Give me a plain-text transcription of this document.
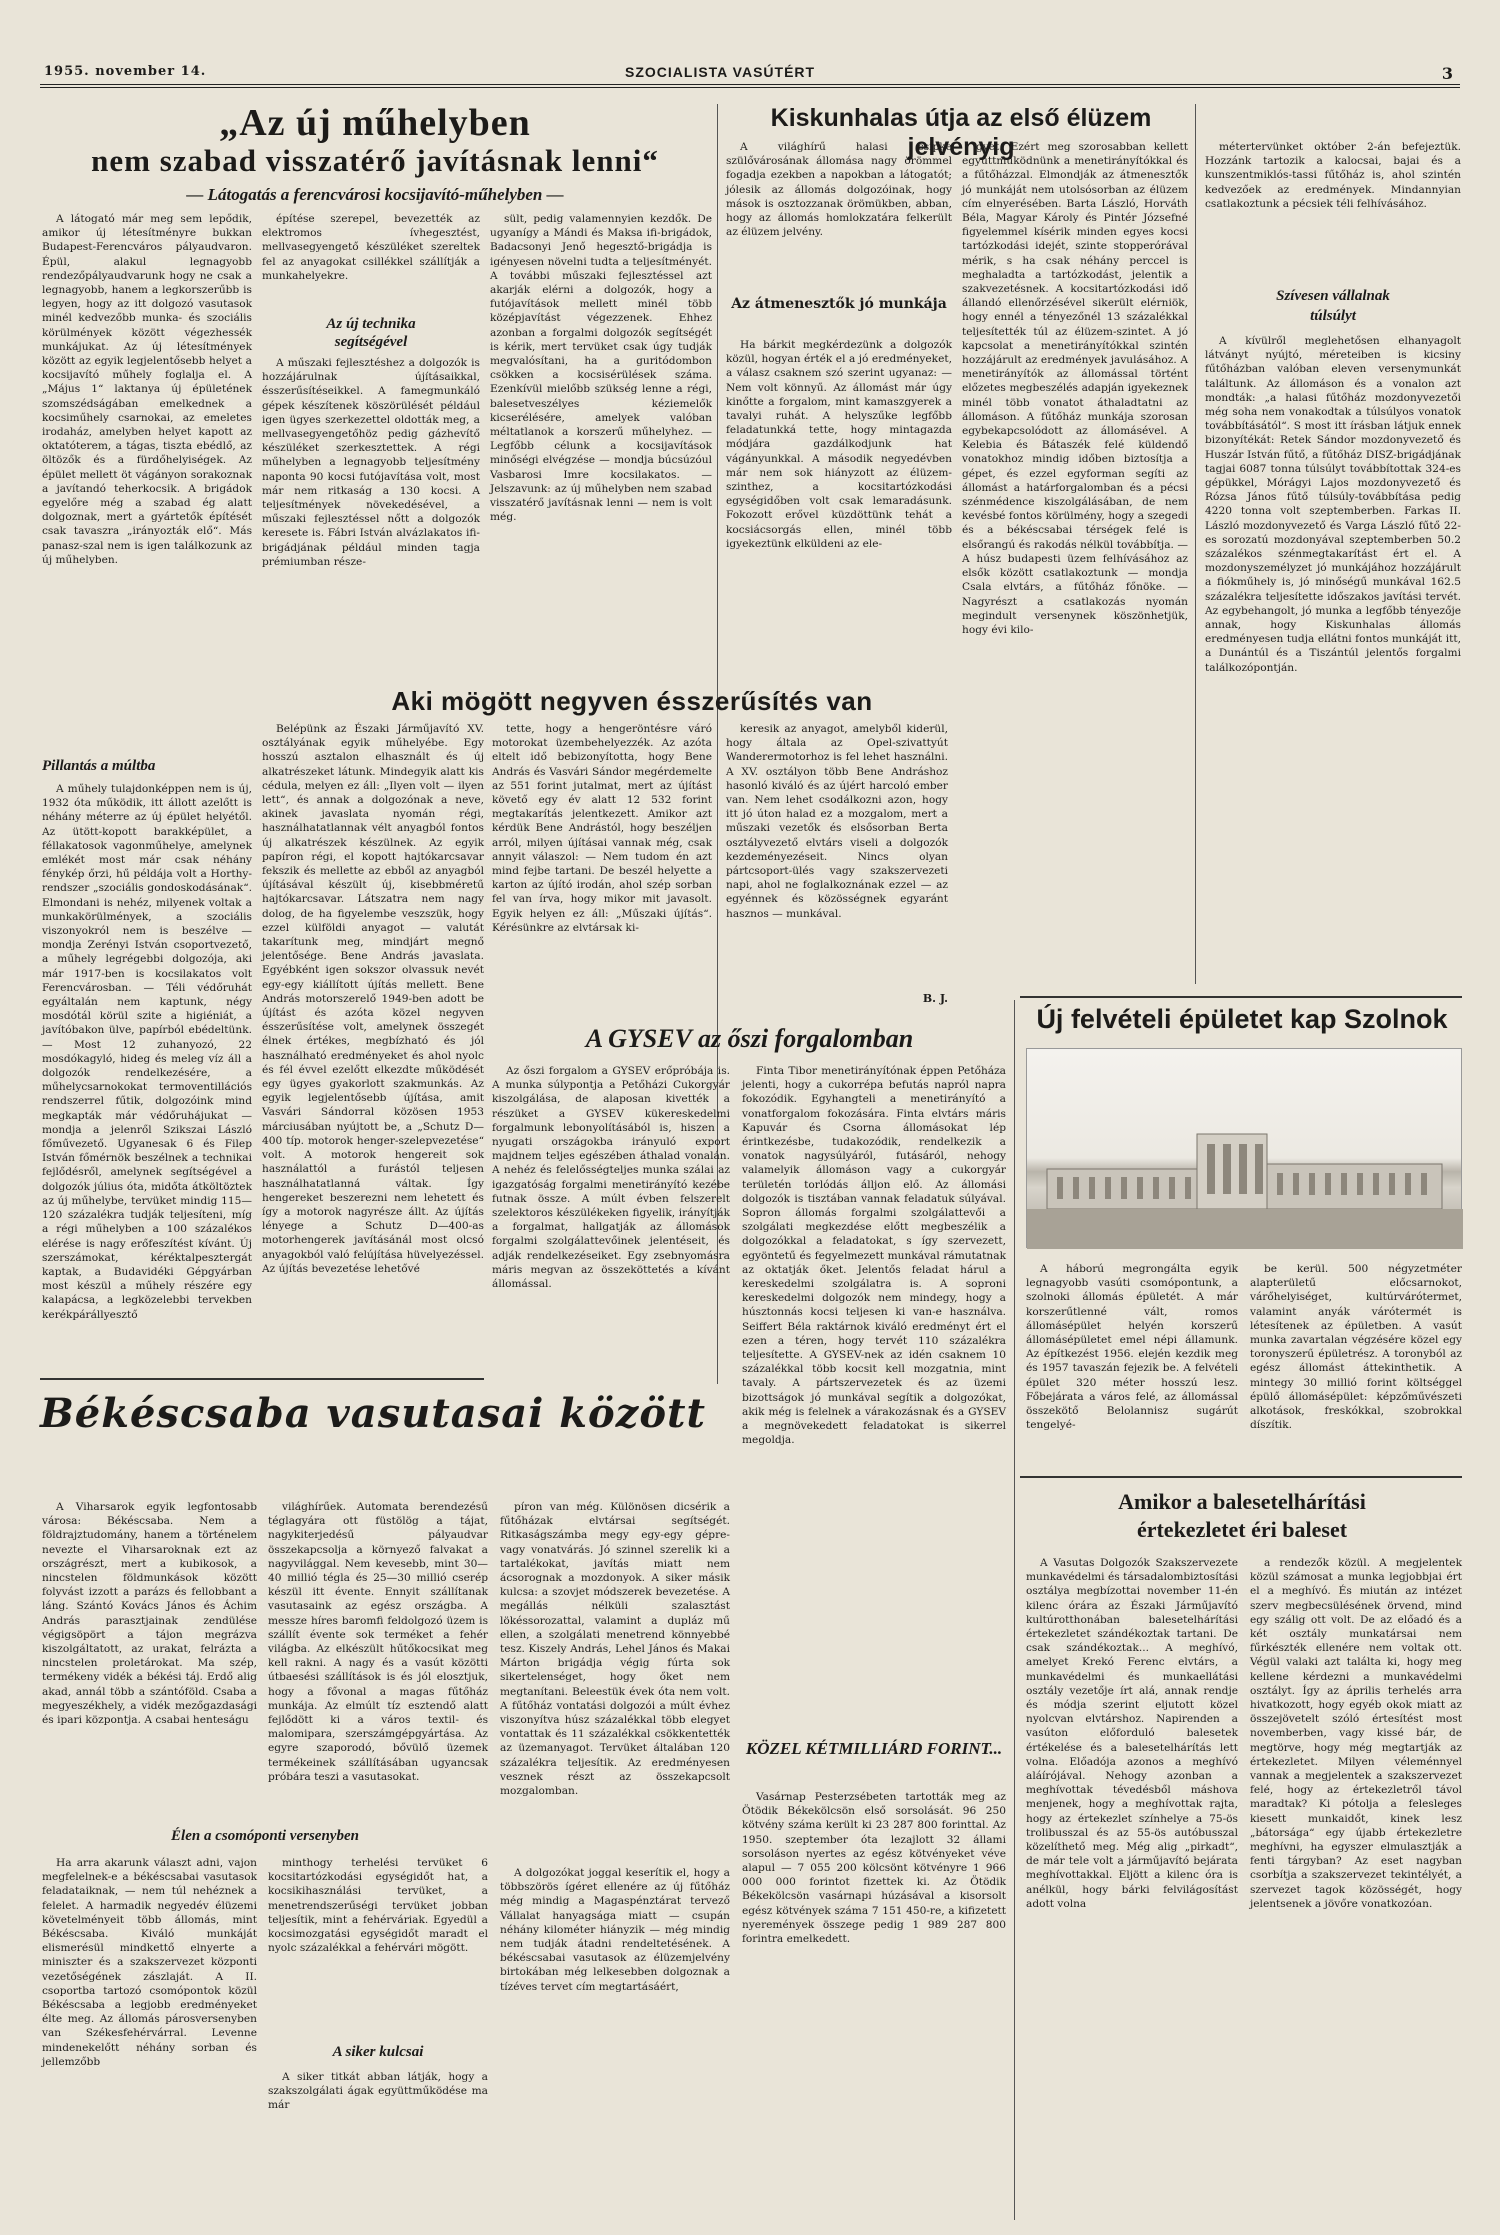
1955. november 14.	SZOCIALISTA VASÚTÉRT	3
„Az új műhelyben
nem szabad visszatérő javításnak lenni“
— Látogatás a ferencvárosi kocsijavító-műhelyben —

A látogató már meg sem lepődik, amikor új létesítményre bukkan Budapest-Ferencváros pályaudvaron. Épül, alakul legnagyobb rendezőpályaudvarunk hogy ne csak a legnagyobb, hanem a legkorszerűbb is legyen, hogy az itt dolgozó vasutasok minél kedvezőbb munka- és szociális körülmények között végezhessék munkájukat. Az új létesítmények között az egyik legjelentősebb helyet a kocsijavító műhely foglalja el. A „Május 1“ laktanya új épületének szomszédságában emelkednek a kocsiműhely csarnokai, az emeletes irodaház, amelyben helyet kapott az oktatóterem, a tágas, tiszta ebédlő, az öltözők és a fürdőhelyiségek. Az épület mellett öt vágányon sorakoznak a javítandó teherkocsik. A brigádok egyelőre még a szabad ég alatt dolgoznak, mert a gyártetők építését csak tavaszra „irányozták elő“. Más panasz-szal nem is igen találkozunk az új műhelyben.

Pillantás a múltba

A műhely tulajdonképpen nem is új, 1932 óta működik, itt állott azelőtt is néhány méterre az új épület helyétől. Az ütött-kopott barakképület, a féllakatosok vagonműhelye, amelynek emlékét most már csak néhány fénykép őrzi, hű példája volt a Horthy-rendszer „szociális gondoskodásának“. Elmondani is nehéz, milyenek voltak a munkakörülmények, a szociális viszonyokról nem is beszélve — mondja Zerényi István csoportvezető, a műhely legrégebbi dolgozója, aki már 1917-ben is kocsilakatos volt Ferencvárosban. — Téli védőruhát egyáltalán nem kaptunk, négy mosdótál körül szite a higiéniát, a javítóbakon ülve, papírból ebédeltünk. — Most 12 zuhanyozó, 22 mosdókagyló, hideg és meleg víz áll a dolgozók rendelkezésére, a műhelycsarnokokat termoventillációs rendszerrel fűtik, dolgozóink mind megkapták már védőruhájukat — mondja a jelenről Szikszai László főművezető. Ugyanesak 6 és Filep István főmérnök beszélnek a technikai fejlődésről, amelynek segítségével a dolgozók július óta, midőta átköltöztek az új műhelybe, tervüket mindig 115—120 százalékra tudják teljesíteni, míg a régi műhelyben a 100 százalékos elérése is nagy erőfeszítést kívánt. Új szerszámokat, kéréktalpesztergát kaptak, a Budavidéki Gépgyárban most készül a műhely részére egy kalapácsa, a legközelebbi tervekben kerékpárállyesztő

építése szerepel, bevezették az elektromos ívhegesztést, mellvasegyengető készüléket szereltek fel az anyagokat csillékkel szállítják a munkahelyekre.

Az új technika
segítségével

A műszaki fejlesztéshez a dolgozók is hozzájárulnak újításaikkal, ésszerűsítéseikkel. A famegmunkáló gépek készítenek köszörülését például igen ügyes szerkezettel oldották meg, a mellvasegyengetőhöz pedig gázhevítő készüléket szerkesztettek. A régi műhelyben a legnagyobb teljesítmény naponta 90 kocsi futójavítása volt, most már nem ritkaság a 130 kocsi. A teljesítmények növekedésével, a műszaki fejlesztéssel nőtt a dolgozók keresete is. Fábri István alvázlakatos ifi-brigádjának például minden tagja prémiumban része-

sült, pedig valamennyien kezdők. De ugyanígy a Mándi és Maksa ifi-brigádok, Badacsonyi Jenő hegesztő-brigádja is igényesen növelni tudta a teljesítményét. A további műszaki fejlesztéssel azt akarják elérni a dolgozók, hogy a futójavítások mellett minél több középjavítást végezzenek. Ehhez azonban a forgalmi dolgozók segítségét is kérik, mert tervüket csak úgy tudják megvalósítani, ha a guritódombon csökken a kocsisérülések száma. Ezenkívül mielőbb szükség lenne a régi, balesetveszélyes kéziemelők kicserélésére, amelyek valóban méltatlanok a korszerű műhelyhez. — Legfőbb célunk a kocsijavítások minőségi elvégzése — mondja búcsúzóul Vasbarosi Imre kocsilakatos. — Jelszavunk: az új műhelyben nem szabad visszatérő javításnak lenni — nem is volt még.

Aki mögött negyven ésszerűsítés van

Belépünk az Északi Járműjavító XV. osztályának egyik műhelyébe. Egy hosszú asztalon elhasznált és új alkatrészeket látunk. Mindegyik alatt kis cédula, melyen ez áll: „Ilyen volt — ilyen lett“, és annak a dolgozónak a neve, akinek javaslata nyomán régi, használhatatlannak vélt anyagból fontos új alkatrészek készülnek. Az egyik papíron régi, el kopott hajtókarcsavar fekszik és mellette az ebből az anyagból újításával készült új, kisebbméretű hajtókarcsavar. Látszatra nem nagy dolog, de ha figyelembe veszszük, hogy ezzel külföldi anyagot — valutát takarítunk meg, mindjárt megnő jelentősége. Bene András javaslata. Egyébként igen sokszor olvassuk nevét egy-egy kiállított újítás mellett. Bene András motorszerelő 1949-ben adott be újítást és azóta közel negyven ésszerűsítése volt, amelynek összegét élnek értékes, megbízható és jól használható eredményeket és ahol nyolc és fél évvel ezelőtt elkezdte működését egy ügyes gyakorlott szakmunkás. Az egyik legjelentősebb újítása, amit Vasvári Sándorral közösen 1953 márciusában nyújtott be, a „Schutz D—400 típ. motorok henger-szelepvezetése“ volt. A motorok hengereit sok használattól a furástól teljesen használhatatlanná váltak. Így hengereket beszerezni nem lehetett és így a motorok nagyrésze állt. Az újítás lényege a Schutz D—400-as motorhengerek javításánál most olcsó anyagokból való felújítása hüvelyezéssel. Az újítás bevezetése lehetővé

tette, hogy a hengeröntésre váró motorokat üzembehelyezzék. Az azóta eltelt idő bebizonyította, hogy Bene András és Vasvári Sándor megérdemelte az 551 forint jutalmat, mert az újítást követő egy év alatt 12 532 forint megtakarítás jelentkezett. Amikor azt kérdük Bene Andrástól, hogy beszéljen arról, milyen újításai vannak még, csak annyit válaszol: — Nem tudom én azt mind fejbe tartani. De beszél helyette a karton az újító irodán, ahol szép sorban fel van írva, hogy mikor mit javasolt. Egyik helyen ez áll: „Műszaki újítás“. Kérésünkre az elvtársak ki-

keresik az anyagot, amelyből kiderül, hogy általa az Opel-szivattyút Wanderermotorhoz is fel lehet használni. A XV. osztályon több Bene Andráshoz hasonló kiváló és az újért harcoló ember van. Nem lehet csodálkozni azon, hogy itt jó úton halad ez a mozgalom, mert a műszaki vezetők és elsősorban Berta osztályvezető elvtárs viseli a dolgozók kezdeményezéseit. Nincs olyan pártcsoport-ülés vagy szakszervezeti napi, ahol ne foglalkoznának ezzel — az egyénnek és közösségnek egyaránt hasznos — munkával.

B. J.
Kiskunhalas útja az első élüzem jelvényig

A világhírű halasi csipke szülővárosának állomása nagy örömmel fogadja ezekben a napokban a látogatót; jólesik az állomás dolgozóinak, hogy mások is osztozzanak örömükben, abban, hogy az állomás homlokzatára felkerült az élüzem jelvény.

Az átmenesztők jó munkája

Ha bárkit megkérdezünk a dolgozók közül, hogyan érték el a jó eredményeket, a válasz csaknem szó szerint ugyanaz: — Nem volt könnyű. Az állomást már úgy kinőtte a forgalom, mint kamaszgyerek a tavalyi ruhát. A helyszűke legfőbb feladatunkká tette, hogy mintagazda módjára gazdálkodjunk hat vágányunkkal. A második negyedévben már nem sok hiányzott az élüzem-szinthez, a kocsitartózkodási egységidőben volt csak lemaradásunk. Fokozott erővel küzdöttünk tehát a kocsiácsorgás ellen, minél több igyekeztünk elküldeni az ele-

gyet. Ezért meg szorosabban kellett együttműködnünk a menetirányítókkal és a fűtőházzal. Elmondják az átmenesztők jó munkáját nem utolsósorban az élüzem cím elnyerésében. Barta László, Horváth Béla, Magyar Károly és Pintér Józsefné figyelemmel kísérik minden egyes kocsi tartózkodási idejét, szinte stopperórával mérik, s ha csak néhány perccel is meghaladta a tartózkodást, jelentik a szakvezetésnek. A kocsitartózkodási idő állandó ellenőrzésével sikerült elérniök, hogy ennél a tényezőnél 13 százalékkal teljesítették túl az élüzem-szintet. A jó kapcsolat a menetirányítókkal szintén hozzájárult az eredmények javulásához. A menetirányítók az állomással történt előzetes megbeszélés adapján igyekeznek minél több vonatot áthaladtatni az állomáson. A fűtőház munkája szorosan egybekapcsolódott az állomásével. A Kelebia és Bátaszék felé küldendő vonatokhoz mindig időben biztosítja a gépet, és ezzel egyforman segíti az állomást a határforgalomban és a pécsi szénmédence kiszolgálásában, de nem kevésbé fontos körülmény, hogy a szegedi és a békéscsabai térségek felé is elsőrangú és rakodás nélkül továbbítja. — A húsz budapesti üzem felhívásához az elsők között csatlakoztunk — mondja Csala elvtárs, a fűtőház főnöke. — Nagyrészt a csatlakozás nyomán megindult versenynek köszönhetjük, hogy évi kilo-

métertervünket október 2-án befejeztük. Hozzánk tartozik a kalocsai, bajai és a kunszentmiklós-tassi fűtőház is, ahol szintén kedvezőek az eredmények. Mindannyian csatlakoztunk a pécsiek téli felhívásához.

Szívesen vállalnak
túlsúlyt

A kívülről meglehetősen elhanyagolt látványt nyújtó, méreteiben is kicsiny fűtőházban valóban eleven versenymunkát találtunk. Az állomáson és a vonalon azt mondták: „a halasi fűtőház mozdonyvezetői még soha nem vonakodtak a túlsúlyos vonatok továbbításától“. S most itt írásban látjuk ennek bizonyítékát: Retek Sándor mozdonyvezető és Huszár István fűtő, a fűtőház DISZ-brigádjának tagjai 6087 tonna túlsúlyt továbbítottak 324-es gépükkel, Mórágyi Lajos mozdonyvezető és Rózsa János fűtő túlsúly-továbbítása pedig 4220 tonna volt szeptemberben. Farkas II. László mozdonyvezető és Varga László fűtő 22-es sorozatú mozdonyával szeptemberben 50.2 százalékos szénmegtakarítást ért el. A mozdonyszemélyzet jó munkájához hozzájárult a fiókműhely is, jó minőségű munkával 162.5 százalékra teljesítette időszakos javítási tervét. Az egybehangolt, jó munka a legfőbb tényezője annak, hogy Kiskunhalas állomás eredményesen tudja ellátni fontos munkáját itt, a Dunántúl és a Tiszántúl jelentős forgalmi találkozópontján.

Új felvételi épületet kap Szolnok

A háború megrongálta egyik legnagyobb vasúti csomópontunk, a szolnoki állomás épületét. A már korszerűtlenné vált, romos állomásépület helyén korszerű állomásépületet emel népi államunk. Az építkezést 1956. elején kezdik meg és 1957 tavaszán fejezik be. A felvételi épület 320 méter hosszú lesz. Főbejárata a város felé, az állomással összekötő Belolannisz sugárút tengelyé-

be kerül. 500 négyzetméter alapterületű előcsarnokot, várőhelyiséget, kultúrvárótermet, valamint anyák várótermét is létesítenek az épületben. A vasút munka zavartalan végzésére közel egy toronyszerű épületrész. A toronyból az egész állomást áttekinthetik. A mintegy 30 millió forint költséggel épülő állomásépület: képzőművészeti alkotások, freskókkal, szobrokkal díszítik.

Amikor a balesetelhárítási
értekezletet éri baleset

A Vasutas Dolgozók Szakszervezete munkavédelmi és társadalombiztosítási osztálya megbízottai november 11-én kilenc órára az Északi Járműjavító kultúrotthonában balesetelhárítási értekezletet szándékoztak tartani. De csak szándékoztak... A meghívó, amelyet Krekó Ferenc elvtárs, a munkavédelmi és munkaellátási osztály vezetője írt alá, annak rendje és módja szerint eljutott közel nyolcvan elvtárshoz. Napirenden a vasúton előforduló balesetek értékelése és a balesetelhárítás lett volna. Előadója azonos a meghívó aláírójával. Nehogy azonban a meghívottak tévedésből máshova menjenek, hogy a meghívottak rajta, hogy az értekezlet színhelye a 75-ös trolibusszal és az 55-ös autóbusszal közelíthető meg. Még alig „pirkadt“, de már tele volt a járműjavító bejárata meghívottakkal. Eljött a kilenc óra is anélkül, hogy bárki felvilágosítást adott volna

a rendezők közül. A megjelentek közül számosat a munka legjobbjai ért el a meghívó. És miután az intézet szerv megbecsülésének örvend, mind egy szálig ott volt. De az előadó és a két osztály munkatársai nem fűrkészték ellenére nem voltak ott. Végül valaki azt találta ki, hogy meg kellene kérdezni a munkavédelmi osztályt. Így az április terhelés arra hivatkozott, hogy egyéb okok miatt az összejövetelt szóló értesítést most novemberben, vagy kissé bár, de megtörve, hogy még megtartják az értekezletet. Milyen véleménnyel vannak a megjelentek a szakszervezet felé, hogy az értekezletről távol maradtak? Ki pótolja a felesleges kiesett munkaidőt, kinek lesz „bátorsága“ egy újabb értekezletre meghívni, ha egyszer elmulasztják a fenti tárgyban? Az eset nagyban csorbítja a szakszervezet tekintélyét, a szervezet tagok közösségét, hogy jelentsenek a jövőre vonatkozóan.

A GYSEV az őszi forgalomban

Az őszi forgalom a GYSEV erőpróbája is. A munka súlypontja a Petőházi Cukorgyár kiszolgálása, de alaposan kivették a részüket a GYSEV kükereskedelmi forgalmunk lebonyolításából is, hiszen a nyugati országokba irányuló export majdnem teljes egészében áthalad vonalán. A nehéz és felelősségteljes munka szálai az igazgatóság forgalmi menetirányító kezébe futnak össze. A múlt évben felszerelt szelektoros készülékeken figyelik, irányítják a forgalmat, hallgatják az állomások forgalmi szolgálattevőinek jelentéseit, és adják rendelkezéseiket. Egy zsebnyomásra máris megvan az összeköttetés a kívánt állomással.

Finta Tibor menetirányítónak éppen Petőháza jelenti, hogy a cukorrépa befutás napról napra fokozódik. Egyhangteli a menetirányító a vonatforgalom fokozására. Finta elvtárs máris Kapuvár és Csorna állomásokat lép érintkezésbe, tudakozódik, rendelkezik a vonatok nagysúlyáról, futásáról, nehogy valamelyik állomáson vagy a cukorgyár területén torlódás álljon elő. Az állomási dolgozók is tisztában vannak feladatuk súlyával. Sopron állomás forgalmi szolgálattevői a szolgálati megkezdése előtt megbeszélik a dolgozókkal a feladatokat, s így szervezett, egyöntetű és fegyelmezett munkával rámutatnak az oktatják őket. Jelentős feladat hárul a kereskedelmi szolgálatra is. A soproni kereskedelmi dolgozók nem mindegy, hogy a húsztonnás kocsi teljesen ki van-e használva. Seiffert Béla raktárnok kiváló eredményt ért el ezen a téren, hogy tervét 110 százalékra teljesítette. A GYSEV-nek az idén csaknem 10 százalékkal több kocsit kell mozgatnia, mint tavaly. A pártszervezetek és az üzemi bizottságok jó munkával segítik a dolgozókat, akik még is felelnek a várakozásnak és a GYSEV a megnövekedett feladatokat is sikerrel megoldja.

KÖZEL KÉTMILLIÁRD FORINT...

Vasárnap Pesterzsébeten tartották meg az Ötödik Békekölcsön első sorsolását. 96 250 kötvény száma került ki 23 287 800 forinttal. Az 1950. szeptember óta lezajlott 32 állami sorsoláson nyertes az egész kötvényeket véve alapul — 7 055 200 kölcsönt kötvényre 1 966 000 000 forintot fizettek ki. Az Ötödik Békekölcsön vasárnapi húzásával a kisorsolt egész kötvények száma 7 151 450-re, a kifizetett nyeremények összege pedig 1 989 287 800 forintra emelkedett.

Békéscsaba vasutasai között

A Viharsarok egyik legfontosabb városa: Békéscsaba. Nem a földrajztudomány, hanem a történelem nevezte el Viharsaroknak ezt az országrészt, mert a kubikosok, a nincstelen földmunkások között folyvást izzott a parázs és fellobbant a láng. Szántó Kovács János és Áchim András parasztjainak zendülése végigsöpört a tájon megrázva kiszolgáltatott, az urakat, felrázta a nincstelen proletárokat. Ma szép, termékeny vidék a békési táj. Erdő alig akad, annál több a szántóföld. Csaba a megyeszékhely, a vidék mezőgazdasági és ipari központja. A csabai henteságu

világhírűek. Automata berendezésű téglagyára ott füstölög a tájat, nagykiterjedésű pályaudvar összekapcsolja a környező falvakat a nagyvilággal. Nem kevesebb, mint 30—40 millió tégla és 25—30 millió cserép készül itt évente. Ennyit szállítanak vasutasaink az egész országba. A messze híres baromfi feldolgozó üzem is szállít évente sok terméket a fehér világba. Az elkészült hűtőkocsikat meg kell rakni. A nagy és a vasút közötti útbaesési szállítások is és jól elosztjuk, hogy a fővonal a magas fűtőház munkája. Az elmúlt tíz esztendő alatt fejlődött ki a város textil- és malomipara, szerszámgépgyártása. Az egyre szaporodó, bővülő üzemek termékeinek szállításában ugyancsak próbára teszi a vasutasokat.

píron van még. Különösen dicsérik a fűtőházak elvtársai segítségét. Ritkaságszámba megy egy-egy gépre- vagy vonatvárás. Jó szinnel szerelik ki a tartalékokat, javítás miatt nem ácsorognak a mozdonyok. A siker másik kulcsa: a szovjet módszerek bevezetése. A megállás nélküli szalasztást lökéssorozattal, valamint a dupláz mű ellen, a szolgálati menetrend könnyebbé tesz. Kiszely András, Lehel János és Makai Márton brigádja végig fúrta sok sikertelenséget, hogy őket nem megtanítani. Beleestük évek óta nem volt. A fűtőház vontatási dolgozói a múlt évhez viszonyítva húsz százalékkal több elegyet vontattak és 11 százalékkal csökkentették az üzemanyagot. Tervüket általában 120 százalékra teljesítik. Az eredményesen vesznek részt az összekapcsolt mozgalomban.

Élen a csomóponti versenyben

Ha arra akarunk választ adni, vajon megfelelnek-e a békéscsabai vasutasok feladataiknak, — nem túl nehéznek a felelet. A harmadik negyedév élüzemi követelményeit több állomás, mint Békéscsaba. Kiváló munkáját elismerésül mindkettő elnyerte a miniszter és a szakszervezet központi vezetőségének zászlaját. A II. csoportba tartozó csomópontok közül Békéscsaba a legjobb eredményeket élte meg. Az állomás párosversenyben van Székesfehérvárral. Levenne mindenekelőtt néhány sorban és jellemzőbb

minthogy terhelési tervüket 6 kocsitartózkodási egységidőt hat, a kocsikihasználási tervüket, a menetrendszerűségi tervüket jobban teljesítik, mint a fehérváriak. Egyedül a kocsimozgatási egységidőt maradt el nyolc százalékkal a fehérvári mögött.

A siker kulcsai

A siker titkát abban látják, hogy a szakszolgálati ágak együttműködése ma már

A dolgozókat joggal keserítik el, hogy a többszörös ígéret ellenére az új fűtőház még mindig a Magaspénztárat tervező Vállalat hanyagsága miatt — csupán néhány kilométer hiányzik — még mindig nem tudják átadni rendeltetésének. A békéscsabai vasutasok az élüzemjelvény birtokában még lelkesebben dolgoznak a tízéves tervet cím megtartásáért,
